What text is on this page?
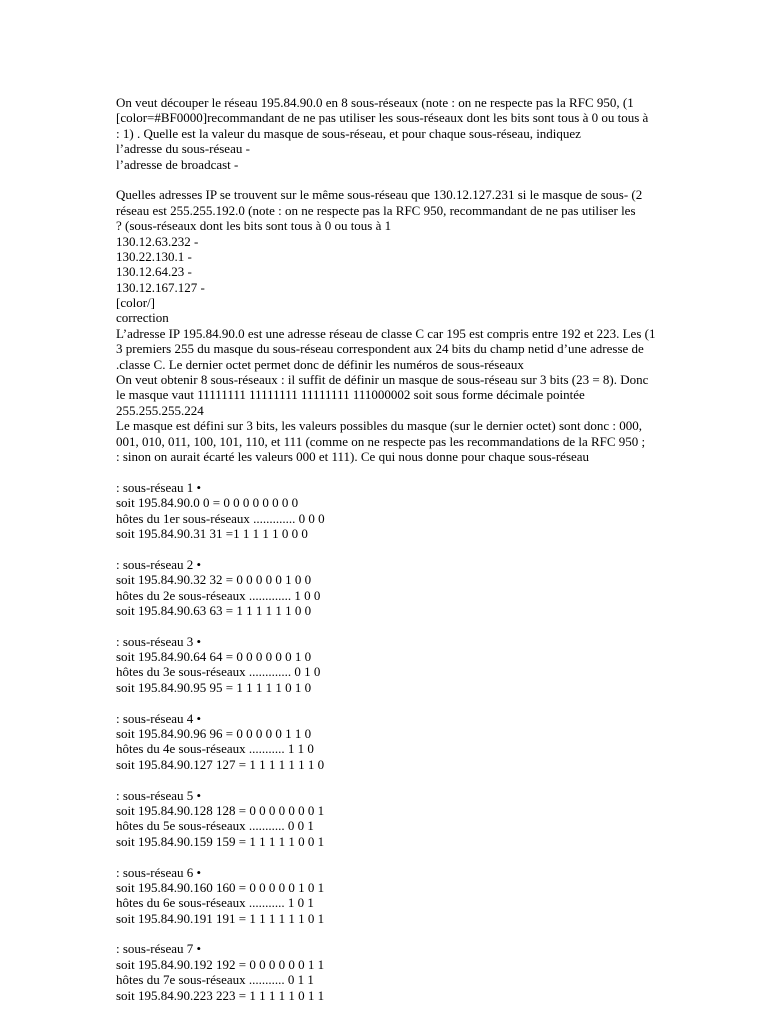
On veut découper le réseau 195.84.90.0 en 8 sous-réseaux (note : on ne respecte pas la RFC 950, (1
[color=#BF0000]recommandant de ne pas utiliser les sous-réseaux dont les bits sont tous à 0 ou tous à
: 1) . Quelle est la valeur du masque de sous-réseau, et pour chaque sous-réseau, indiquez
l’adresse du sous-réseau -
l’adresse de broadcast -
Quelles adresses IP se trouvent sur le même sous-réseau que 130.12.127.231 si le masque de sous- (2
réseau est 255.255.192.0 (note : on ne respecte pas la RFC 950, recommandant de ne pas utiliser les
? (sous-réseaux dont les bits sont tous à 0 ou tous à 1
130.12.63.232 -
130.22.130.1 -
130.12.64.23 -
130.12.167.127 -
[color/]
correction
L’adresse IP 195.84.90.0 est une adresse réseau de classe C car 195 est compris entre 192 et 223. Les (1
3 premiers 255 du masque du sous-réseau correspondent aux 24 bits du champ netid d’une adresse de
.classe C. Le dernier octet permet donc de définir les numéros de sous-réseaux
On veut obtenir 8 sous-réseaux : il suffit de définir un masque de sous-réseau sur 3 bits (23 = 8). Donc
le masque vaut 11111111 11111111 11111111 111000002 soit sous forme décimale pointée
255.255.255.224
Le masque est défini sur 3 bits, les valeurs possibles du masque (sur le dernier octet) sont donc : 000,
001, 010, 011, 100, 101, 110, et 111 (comme on ne respecte pas les recommandations de la RFC 950 ;
: sinon on aurait écarté les valeurs 000 et 111). Ce qui nous donne pour chaque sous-réseau
: sous-réseau 1 •
soit 195.84.90.0 0 = 0 0 0 0 0 0 0 0
hôtes du 1er sous-réseaux ............. 0 0 0
soit 195.84.90.31 31 =1 1 1 1 1 0 0 0
: sous-réseau 2 •
soit 195.84.90.32 32 = 0 0 0 0 0 1 0 0
hôtes du 2e sous-réseaux ............. 1 0 0
soit 195.84.90.63 63 = 1 1 1 1 1 1 0 0
: sous-réseau 3 •
soit 195.84.90.64 64 = 0 0 0 0 0 0 1 0
hôtes du 3e sous-réseaux ............. 0 1 0
soit 195.84.90.95 95 = 1 1 1 1 1 0 1 0
: sous-réseau 4 •
soit 195.84.90.96 96 = 0 0 0 0 0 1 1 0
hôtes du 4e sous-réseaux ........... 1 1 0
soit 195.84.90.127 127 = 1 1 1 1 1 1 1 0
: sous-réseau 5 •
soit 195.84.90.128 128 = 0 0 0 0 0 0 0 1
hôtes du 5e sous-réseaux ........... 0 0 1
soit 195.84.90.159 159 = 1 1 1 1 1 0 0 1
: sous-réseau 6 •
soit 195.84.90.160 160 = 0 0 0 0 0 1 0 1
hôtes du 6e sous-réseaux ........... 1 0 1
soit 195.84.90.191 191 = 1 1 1 1 1 1 0 1
: sous-réseau 7 •
soit 195.84.90.192 192 = 0 0 0 0 0 0 1 1
hôtes du 7e sous-réseaux ........... 0 1 1
soit 195.84.90.223 223 = 1 1 1 1 1 0 1 1
